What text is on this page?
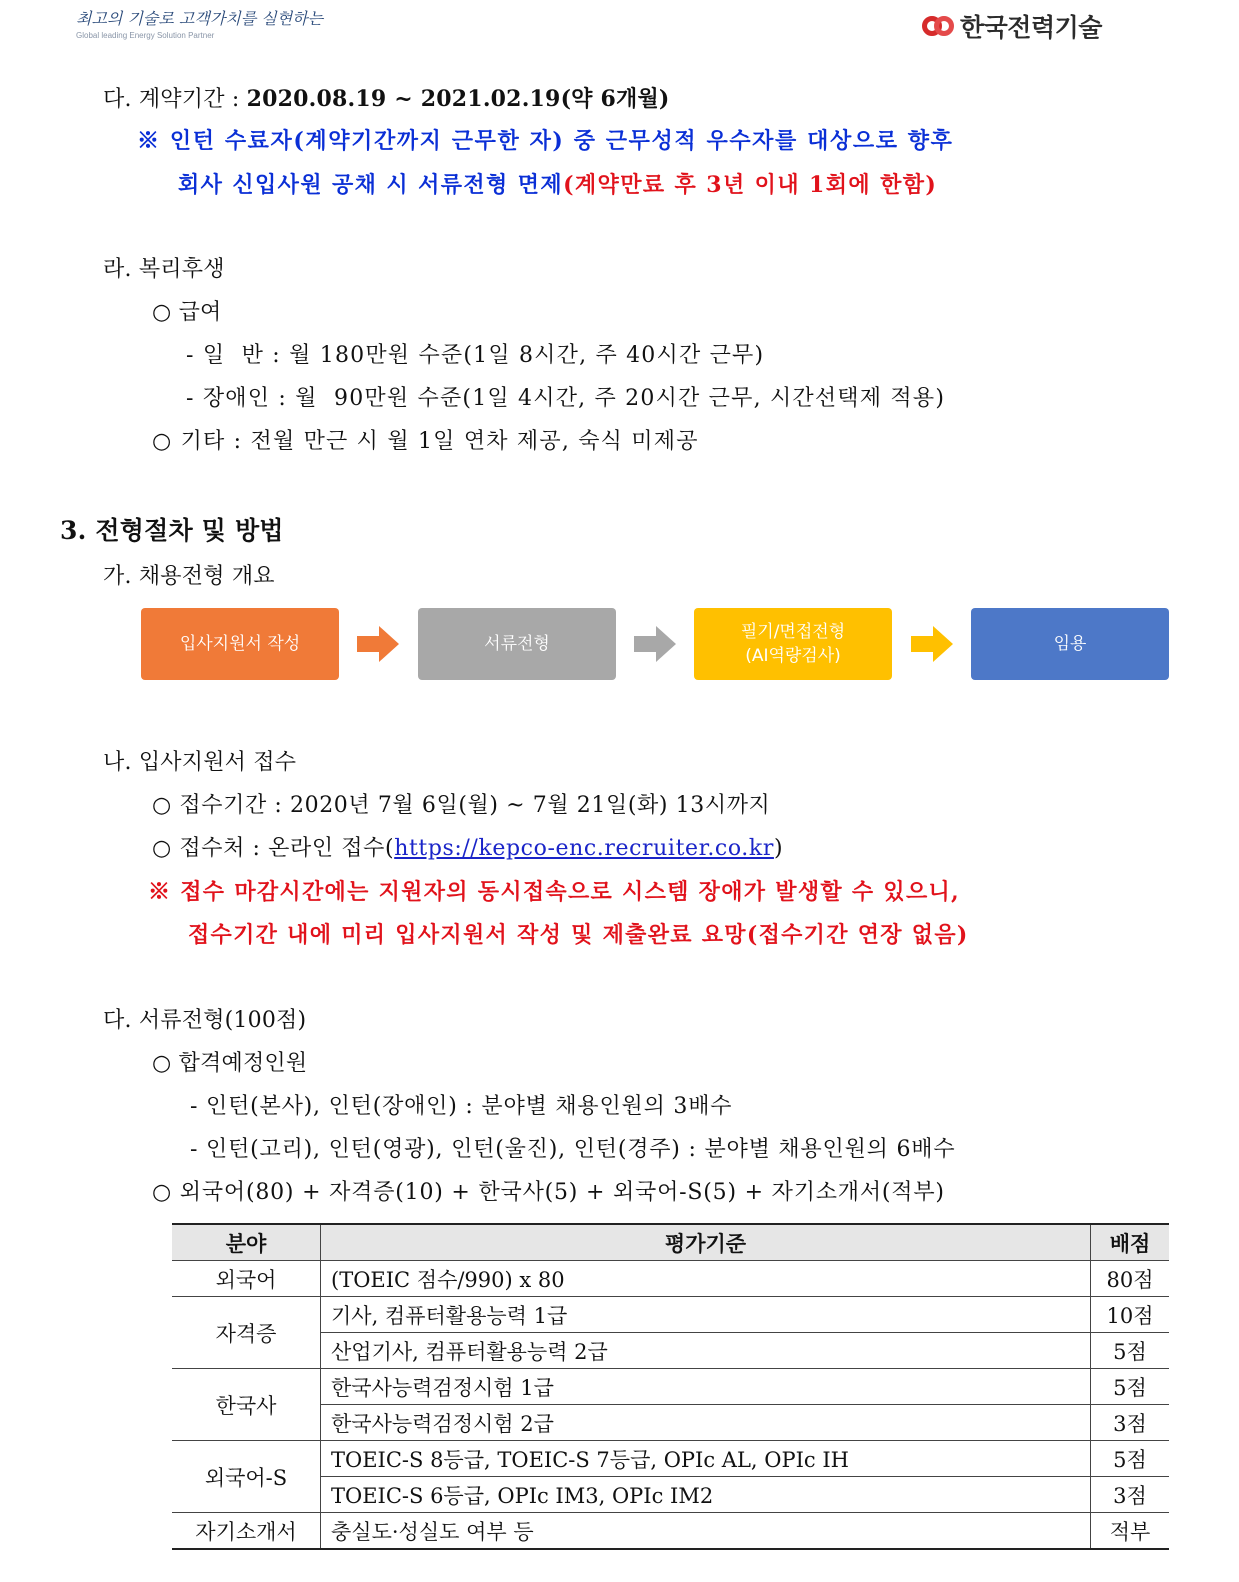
최고의 기술로 고객가치를 실현하는
Global leading Energy Solution Partner	한국전력기술
다. 계약기간 : 2020.08.19 ~ 2021.02.19(약 6개월)
※ 인턴 수료자(계약기간까지 근무한 자) 중 근무성적 우수자를 대상으로 향후
회사 신입사원 공채 시 서류전형 면제(계약만료 후 3년 이내 1회에 한함)
라. 복리후생
○ 급여
- 일  반 : 월 180만원 수준(1일 8시간, 주 40시간 근무)
- 장애인 : 월  90만원 수준(1일 4시간, 주 20시간 근무, 시간선택제 적용)
○ 기타 : 전월 만근 시 월 1일 연차 제공, 숙식 미제공
3. 전형절차 및 방법
가. 채용전형 개요
입사지원서 작성	서류전형
필기/면접전형
(AI역량검사)
임용
나. 입사지원서 접수
○ 접수기간 : 2020년 7월 6일(월) ~ 7월 21일(화) 13시까지
○ 접수처 : 온라인 접수(https://kepco-enc.recruiter.co.kr)
※ 접수 마감시간에는 지원자의 동시접속으로 시스템 장애가 발생할 수 있으니,
접수기간 내에 미리 입사지원서 작성 및 제출완료 요망(접수기간 연장 없음)
다. 서류전형(100점)
○ 합격예정인원
- 인턴(본사), 인턴(장애인) : 분야별 채용인원의 3배수
- 인턴(고리), 인턴(영광), 인턴(울진), 인턴(경주) : 분야별 채용인원의 6배수
○ 외국어(80) + 자격증(10) + 한국사(5) + 외국어-S(5) + 자기소개서(적부)
분야	평가기준	배점
외국어	(TOEIC 점수/990) x 80	80점
자격증	기사, 컴퓨터활용능력 1급	10점
	산업기사, 컴퓨터활용능력 2급	5점
한국사	한국사능력검정시험 1급	5점
	한국사능력검정시험 2급	3점
외국어-S	TOEIC-S 8등급, TOEIC-S 7등급, OPIc AL, OPIc IH	5점
	TOEIC-S 6등급, OPIc IM3, OPIc IM2	3점
자기소개서	충실도·성실도 여부 등	적부
